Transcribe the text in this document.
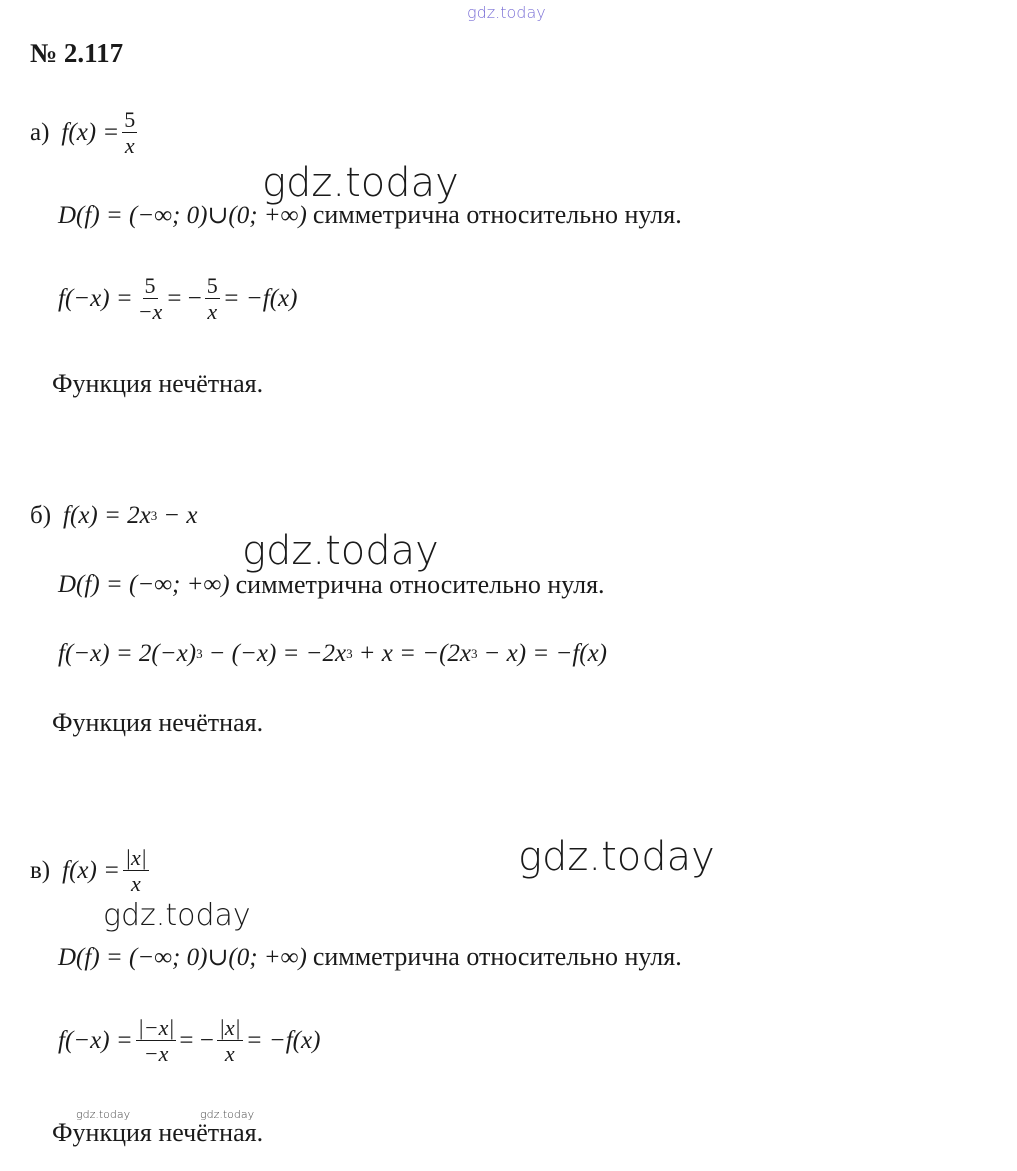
gdz.today
№ 2.117
а) $f(x) = \frac{5}{x}$
gdz.today
D(f) = (−∞; 0)∪(0; +∞) симметрична относительно нуля.
$f(-x) = \frac{5}{-x}$ = − $\frac{5}{x} = -f(x)$
Функция нечётная.
б) f(x) = 2x 3 − x
gdz.today
D(f) = (−∞; +∞) симметрична относительно нуля.
f(−x) = 2(−x) 3 − (−x) = −2x 3 + x = −(2x 3 − x) = −f(x)
Функция нечётная.
gdz.today
в) $f(x) = \frac{|x|}{x}$
gdz.today
D(f) = (−∞; 0)∪(0; +∞) симметрична относительно нуля.
$f(-x) = \frac{|-x|}{-x}$ = − $\frac{|x|}{x} = -f(x)$
gdz.today	gdz.today
Функция нечётная.
